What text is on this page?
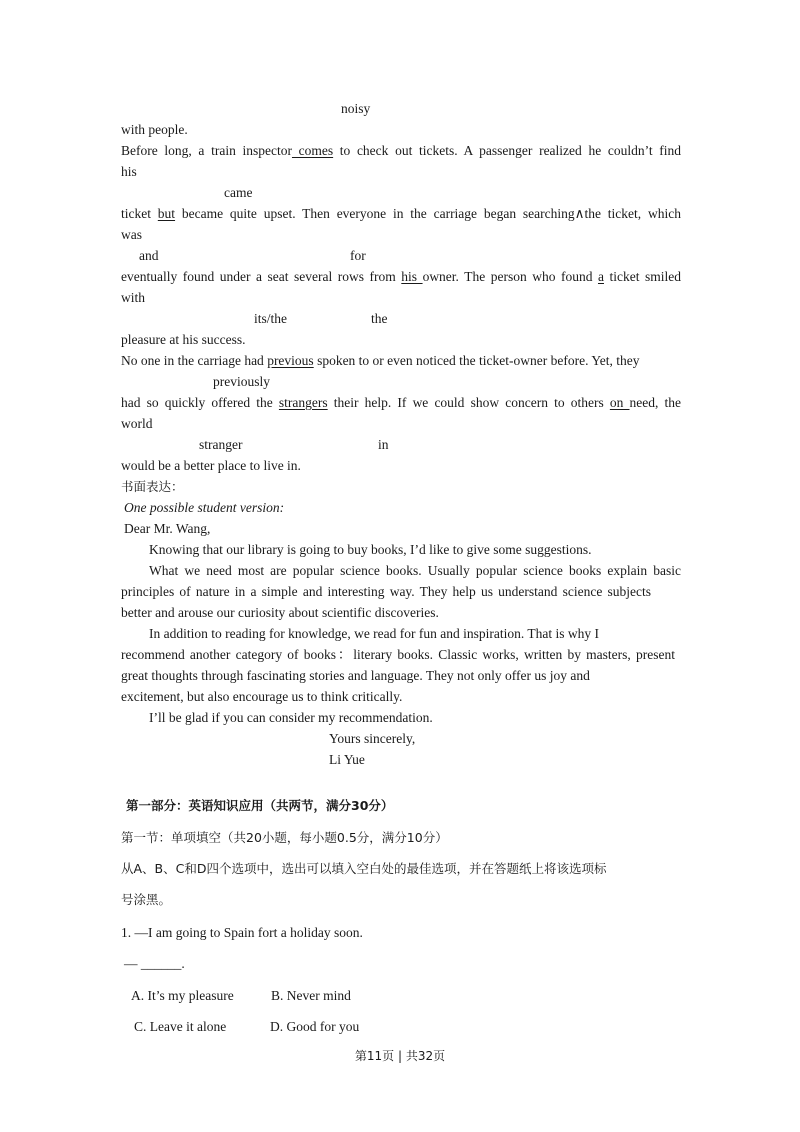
noisy
with people.
Before long, a train inspector comes to check out tickets. A passenger realized he couldn’t find
his
came
ticket but became quite upset. Then everyone in the carriage began searching∧the ticket, which
was
and	for
eventually found under a seat several rows from his owner. The person who found a ticket smiled
with
its/the	the
pleasure at his success.
No one in the carriage had previous spoken to or even noticed the ticket-owner before. Yet, they
previously
had so quickly offered the strangers their help. If we could show concern to others on need, the
world
stranger	in
would be a better place to live in.
书面表达：
One possible student version:
Dear Mr. Wang,
Knowing that our library is going to buy books, I’d like to give some suggestions.
What we need most are popular science books. Usually popular science books explain basic
principles of nature in a simple and interesting way. They help us understand science subjects
better and arouse our curiosity about scientific discoveries.
In addition to reading for knowledge, we read for fun and inspiration. That is why I
recommend another category of books：literary books. Classic works, written by masters, present
great thoughts through fascinating stories and language. They not only offer us joy and
excitement, but also encourage us to think critically.
I’ll be glad if you can consider my recommendation.
Yours sincerely,
Li Yue
第一部分：英语知识应用（共两节，满分30分）
第一节：单项填空（共20小题，每小题0.5分，满分10分）
从A、B、C和D四个选项中，选出可以填入空白处的最佳选项，并在答题纸上将该选项标
号涂黑。
1. —I am going to Spain fort a holiday soon.
— ______.
A. It’s my pleasure	B. Never mind
C. Leave it alone	D. Good for you
第11页 | 共32页
